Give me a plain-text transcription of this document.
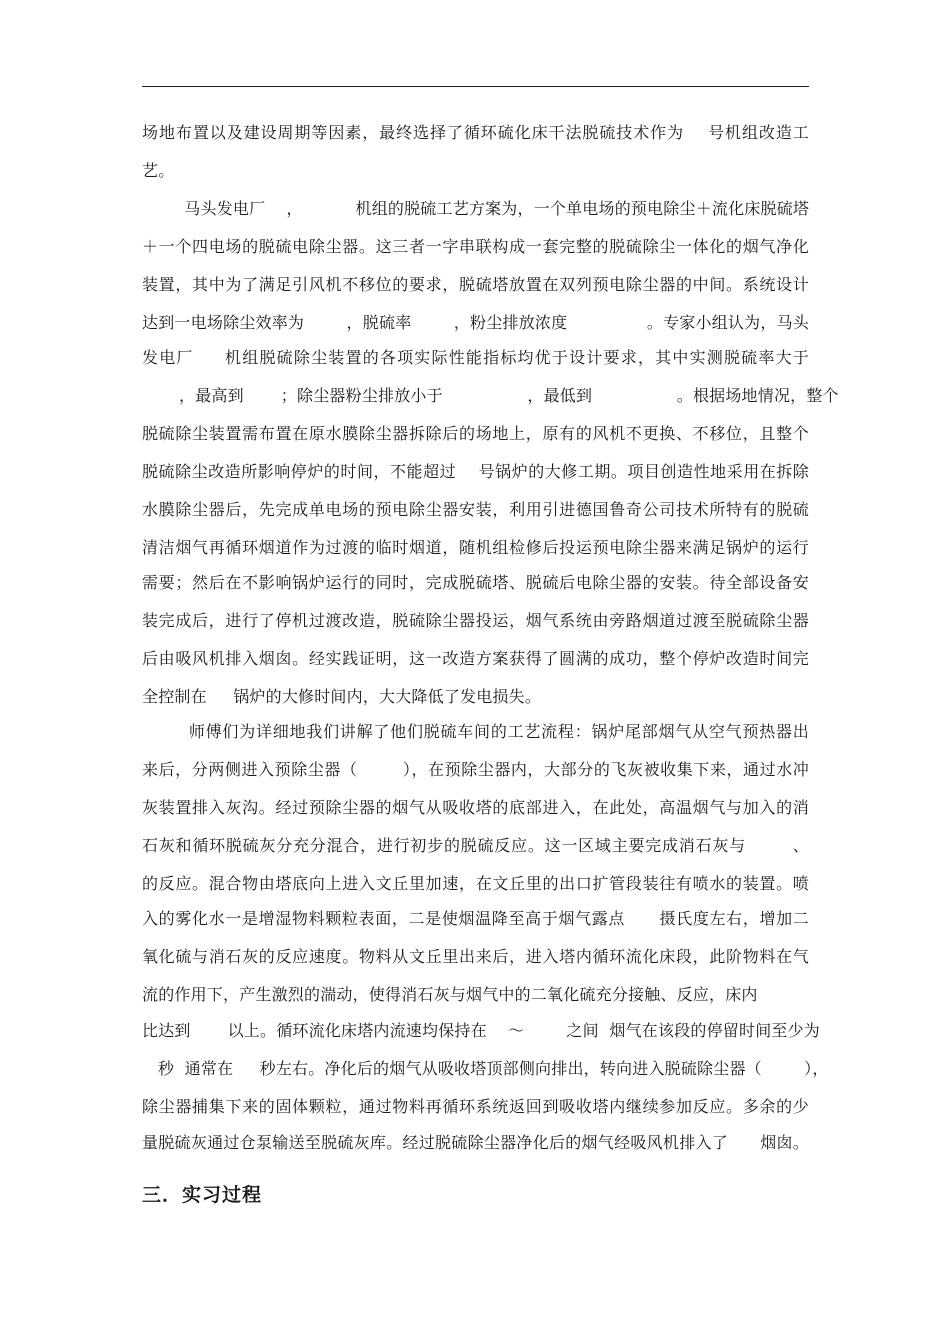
场地布置以及建设周期等因素，最终选择了循环硫化床干法脱硫技术作为    号机组改造工
艺。
马头发电厂    ，          机组的脱硫工艺方案为，一个单电场的预电除尘＋流化床脱硫塔
＋一个四电场的脱硫电除尘器。这三者一字串联构成一套完整的脱硫除尘一体化的烟气净化
装置，其中为了满足引风机不移位的要求，脱硫塔放置在双列预电除尘器的中间。系统设计
达到一电场除尘效率为        ，脱硫率        ，粉尘排放浓度               。专家小组认为，马头
发电厂     机组脱硫除尘装置的各项实际性能指标均优于设计要求，其中实测脱硫率大于
，最高到       ；除尘器粉尘排放小于                ，最低到                。根据场地情况，整个
脱硫除尘装置需布置在原水膜除尘器拆除后的场地上，原有的风机不更换、不移位，且整个
脱硫除尘改造所影响停炉的时间，不能超过    号锅炉的大修工期。项目创造性地采用在拆除
水膜除尘器后，先完成单电场的预电除尘器安装，利用引进德国鲁奇公司技术所特有的脱硫
清洁烟气再循环烟道作为过渡的临时烟道，随机组检修后投运预电除尘器来满足锅炉的运行
需要；然后在不影响锅炉运行的同时，完成脱硫塔、脱硫后电除尘器的安装。待全部设备安
装完成后，进行了停机过渡改造，脱硫除尘器投运，烟气系统由旁路烟道过渡至脱硫除尘器
后由吸风机排入烟囱。经实践证明，这一改造方案获得了圆满的成功，整个停炉改造时间完
全控制在     锅炉的大修时间内，大大降低了发电损失。
师傅们为详细地我们讲解了他们脱硫车间的工艺流程：锅炉尾部烟气从空气预热器出
来后，分两侧进入预除尘器（        ），在预除尘器内，大部分的飞灰被收集下来，通过水冲
灰装置排入灰沟。经过预除尘器的烟气从吸收塔的底部进入，在此处，高温烟气与加入的消
石灰和循环脱硫灰分充分混合，进行初步的脱硫反应。这一区域主要完成消石灰与        、
的反应。混合物由塔底向上进入文丘里加速，在文丘里的出口扩管段装往有喷水的装置。喷
入的雾化水一是增湿物料颗粒表面，二是使烟温降至高于烟气露点      摄氏度左右，增加二
氧化硫与消石灰的反应速度。物料从文丘里出来后，进入塔内循环流化床段，此阶物料在气
流的作用下，产生激烈的湍动，使得消石灰与烟气中的二氧化硫充分接触、反应，床内
比达到       以上。循环流化床塔内流速均保持在    ～        之间  烟气在该段的停留时间至少为
秒  通常在     秒左右。净化后的烟气从吸收塔顶部侧向排出，转向进入脱硫除尘器（        ），
除尘器捕集下来的固体颗粒，通过物料再循环系统返回到吸收塔内继续参加反应。多余的少
量脱硫灰通过仓泵输送至脱硫灰库。经过脱硫除尘器净化后的烟气经吸风机排入了      烟囱。
三．实习过程
